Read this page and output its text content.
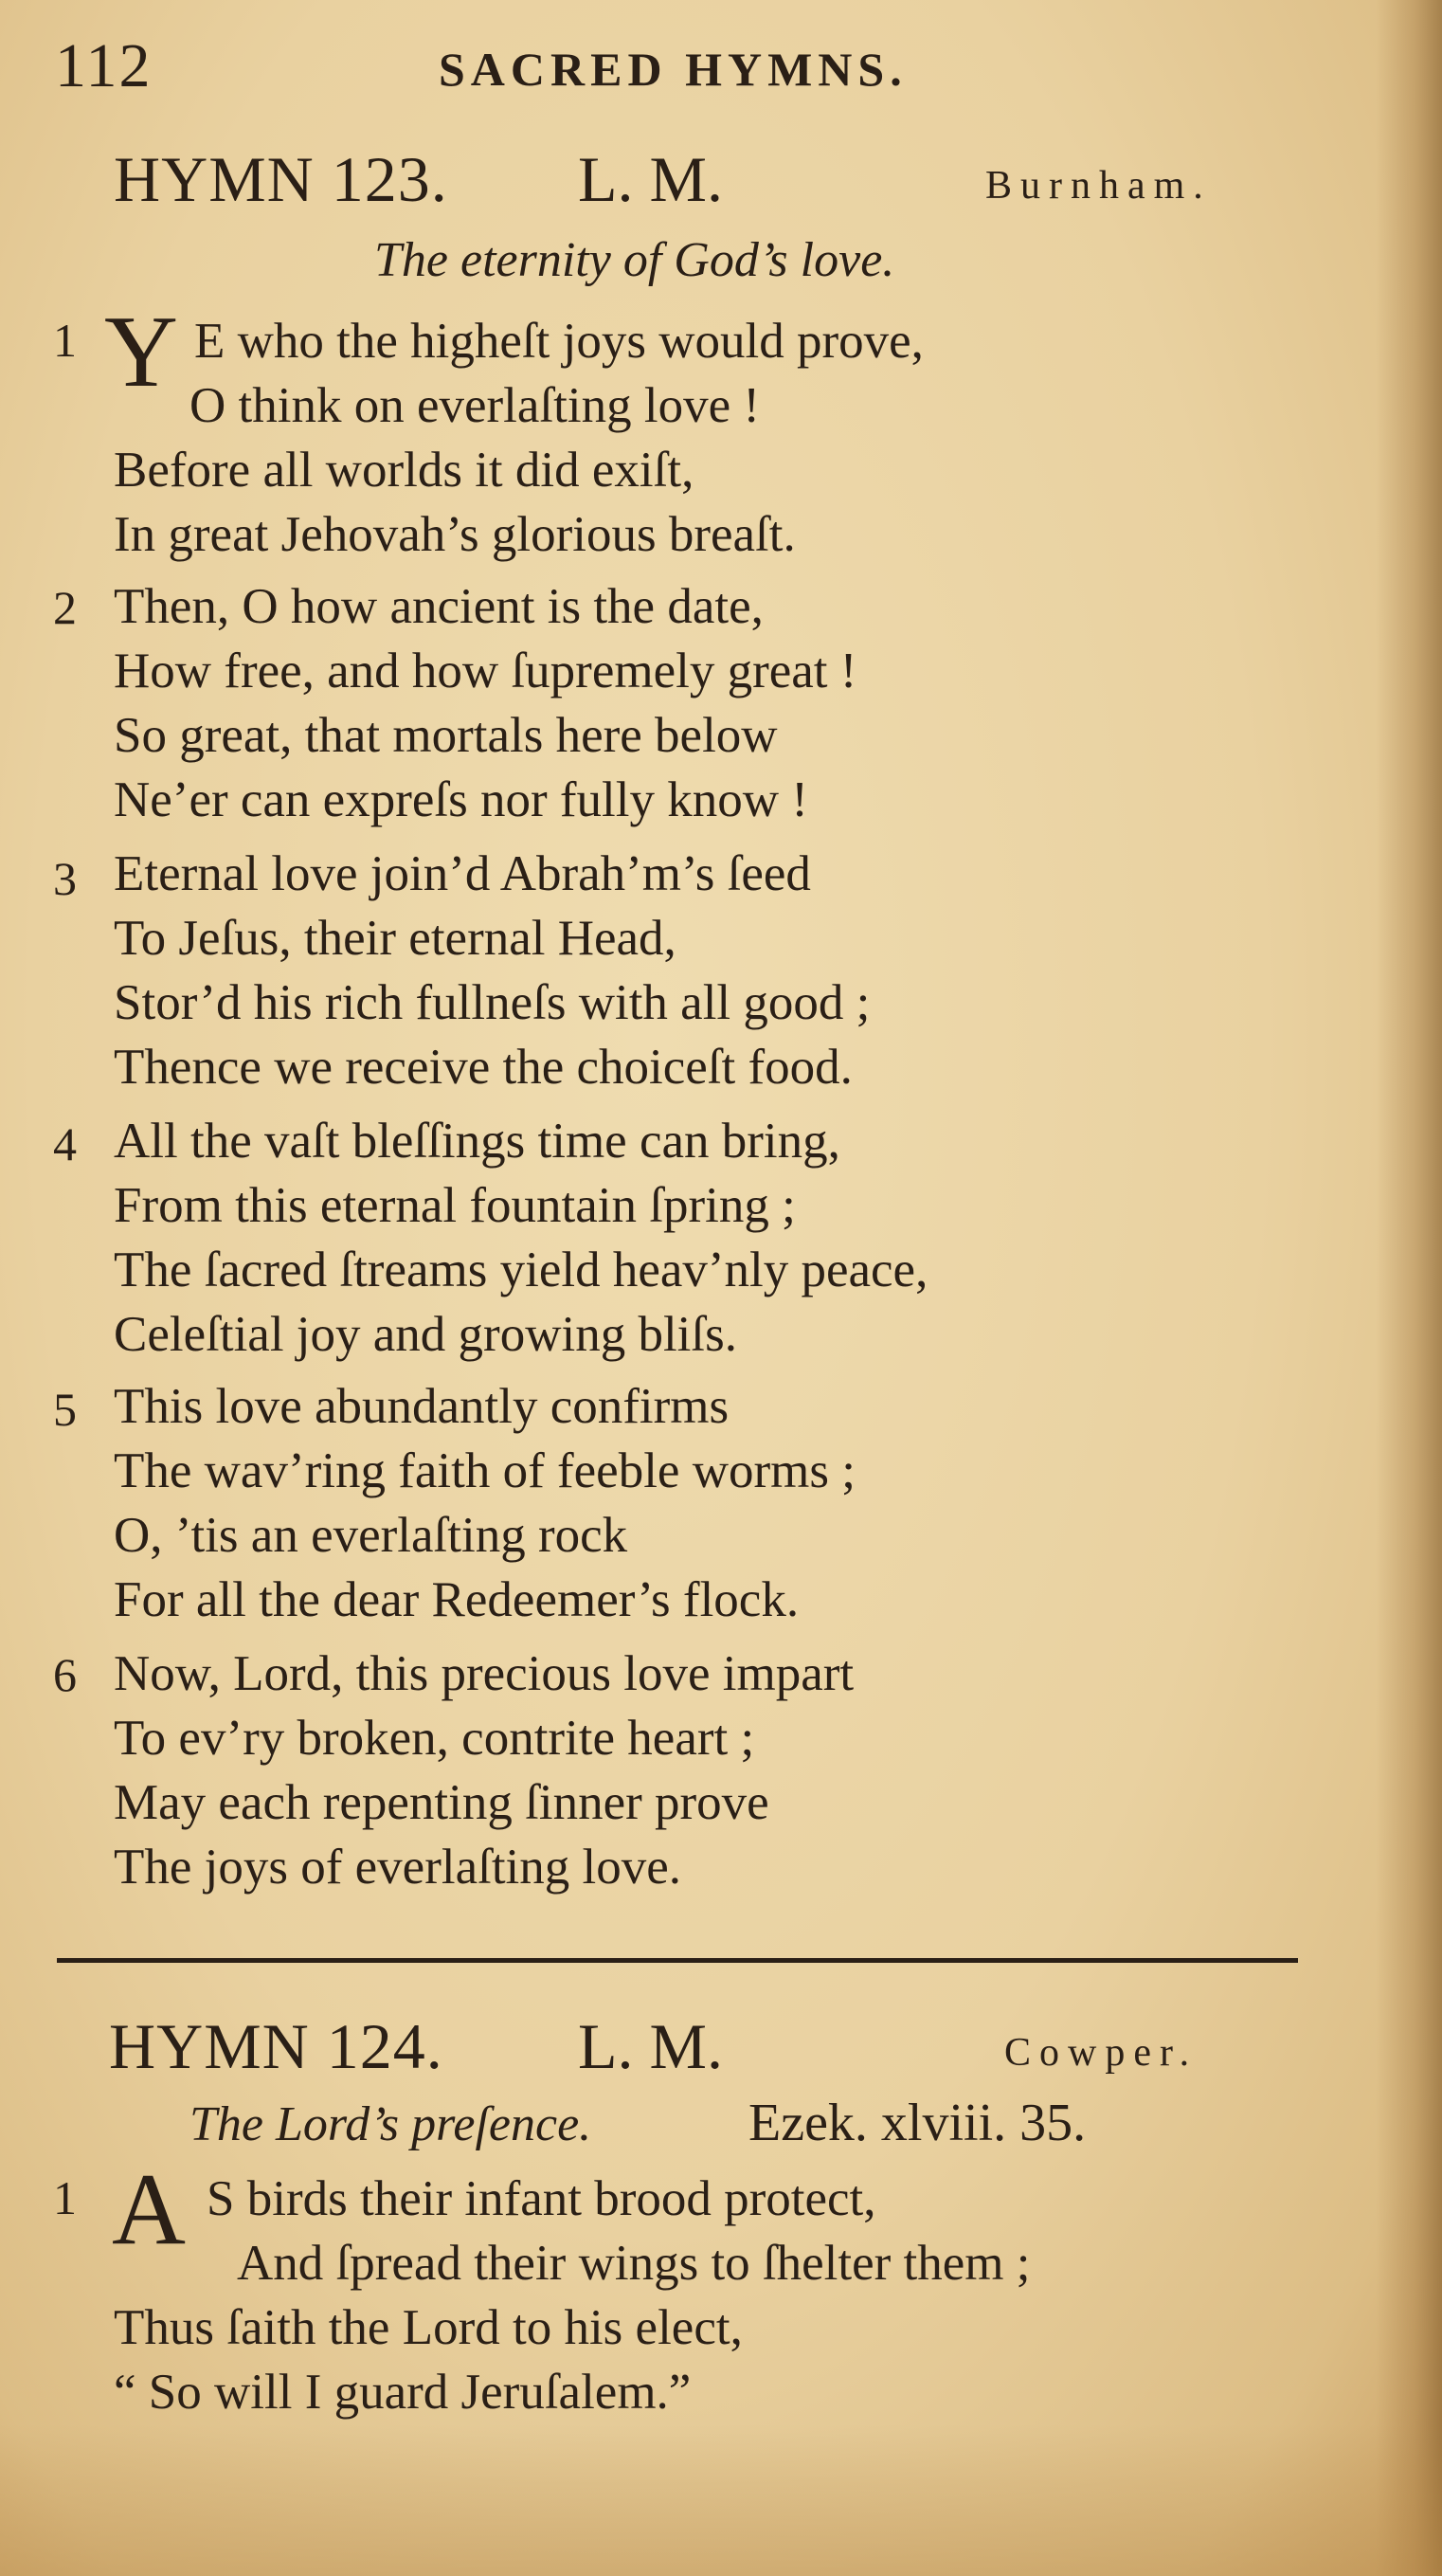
112	SACRED HYMNS.
HYMN 123. L. M.	Burnham.
The eternity of God’s love.
1 Y E who the higheſt joys would prove,
O think on everlaſting love !
Before all worlds it did exiſt,
In great Jehovah’s glorious breaſt.
2 Then, O how ancient is the date,
How free, and how ſupremely great !
So great, that mortals here below
Ne’er can expreſs nor fully know !
3 Eternal love join’d Abrah’m’s ſeed
To Jeſus, their eternal Head,
Stor’d his rich fullneſs with all good ;
Thence we receive the choiceſt food.
4 All the vaſt bleſſings time can bring,
From this eternal fountain ſpring ;
The ſacred ſtreams yield heav’nly peace,
Celeſtial joy and growing bliſs.
5 This love abundantly confirms
The wav’ring faith of feeble worms ;
O, ’tis an everlaſting rock
For all the dear Redeemer’s flock.
6 Now, Lord, this precious love impart
To ev’ry broken, contrite heart ;
May each repenting ſinner prove
The joys of everlaſting love.
HYMN 124. L. M.	Cowper.
The Lord’s preſence.	Ezek. xlviii. 35.
1 A S birds their infant brood protect,
And ſpread their wings to ſhelter them ;
Thus ſaith the Lord to his elect,
“ So will I guard Jeruſalem.”
